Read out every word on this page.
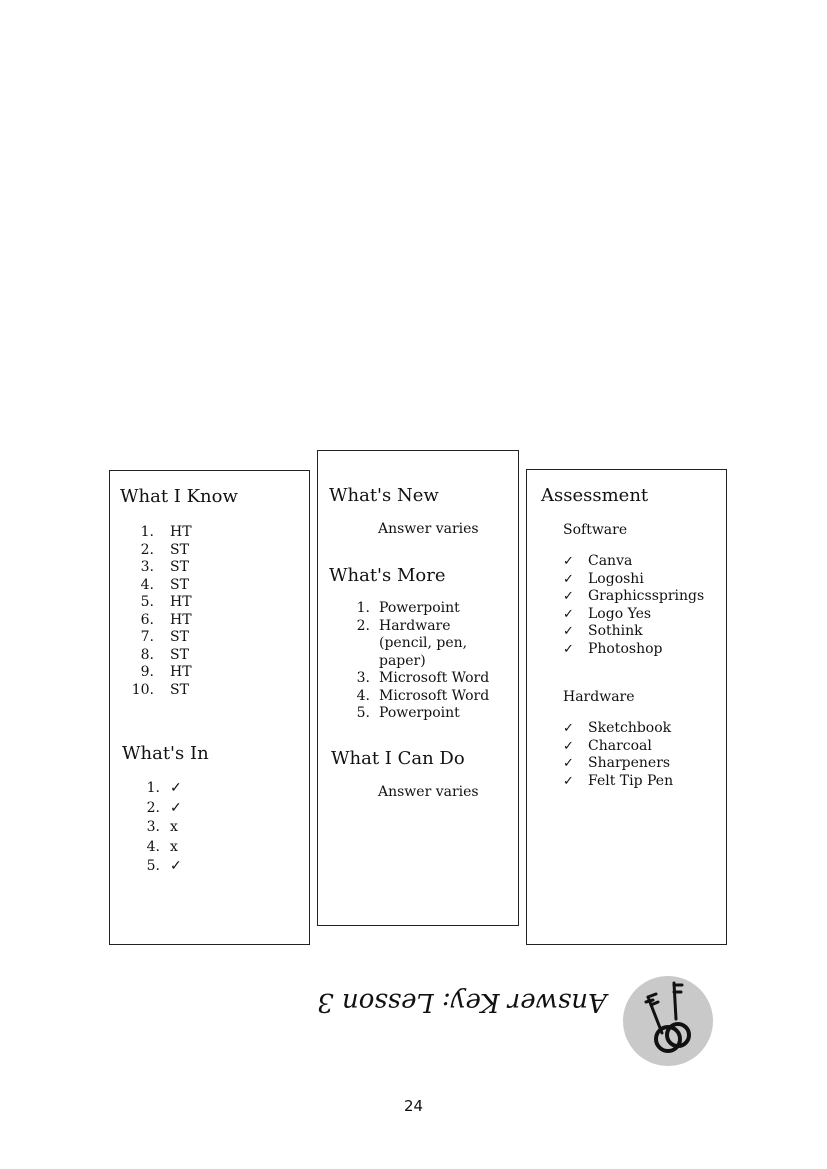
What I Know
1. HT
2. ST
3. ST
4. ST
5. HT
6. HT
7. ST
8. ST
9. HT
10. ST
What's In
1. ✓
2. ✓
3. x
4. x
5. ✓
What's New
Answer varies
What's More
1. Powerpoint
2. Hardware
(pencil, pen,
paper)
3. Microsoft Word
4. Microsoft Word
5. Powerpoint
What I Can Do
Answer varies
Assessment
Software
✓ Canva
✓ Logoshi
✓ Graphicssprings
✓ Logo Yes
✓ Sothink
✓ Photoshop
Hardware
✓ Sketchbook
✓ Charcoal
✓ Sharpeners
✓ Felt Tip Pen
Answer Key: Lesson 3
24
